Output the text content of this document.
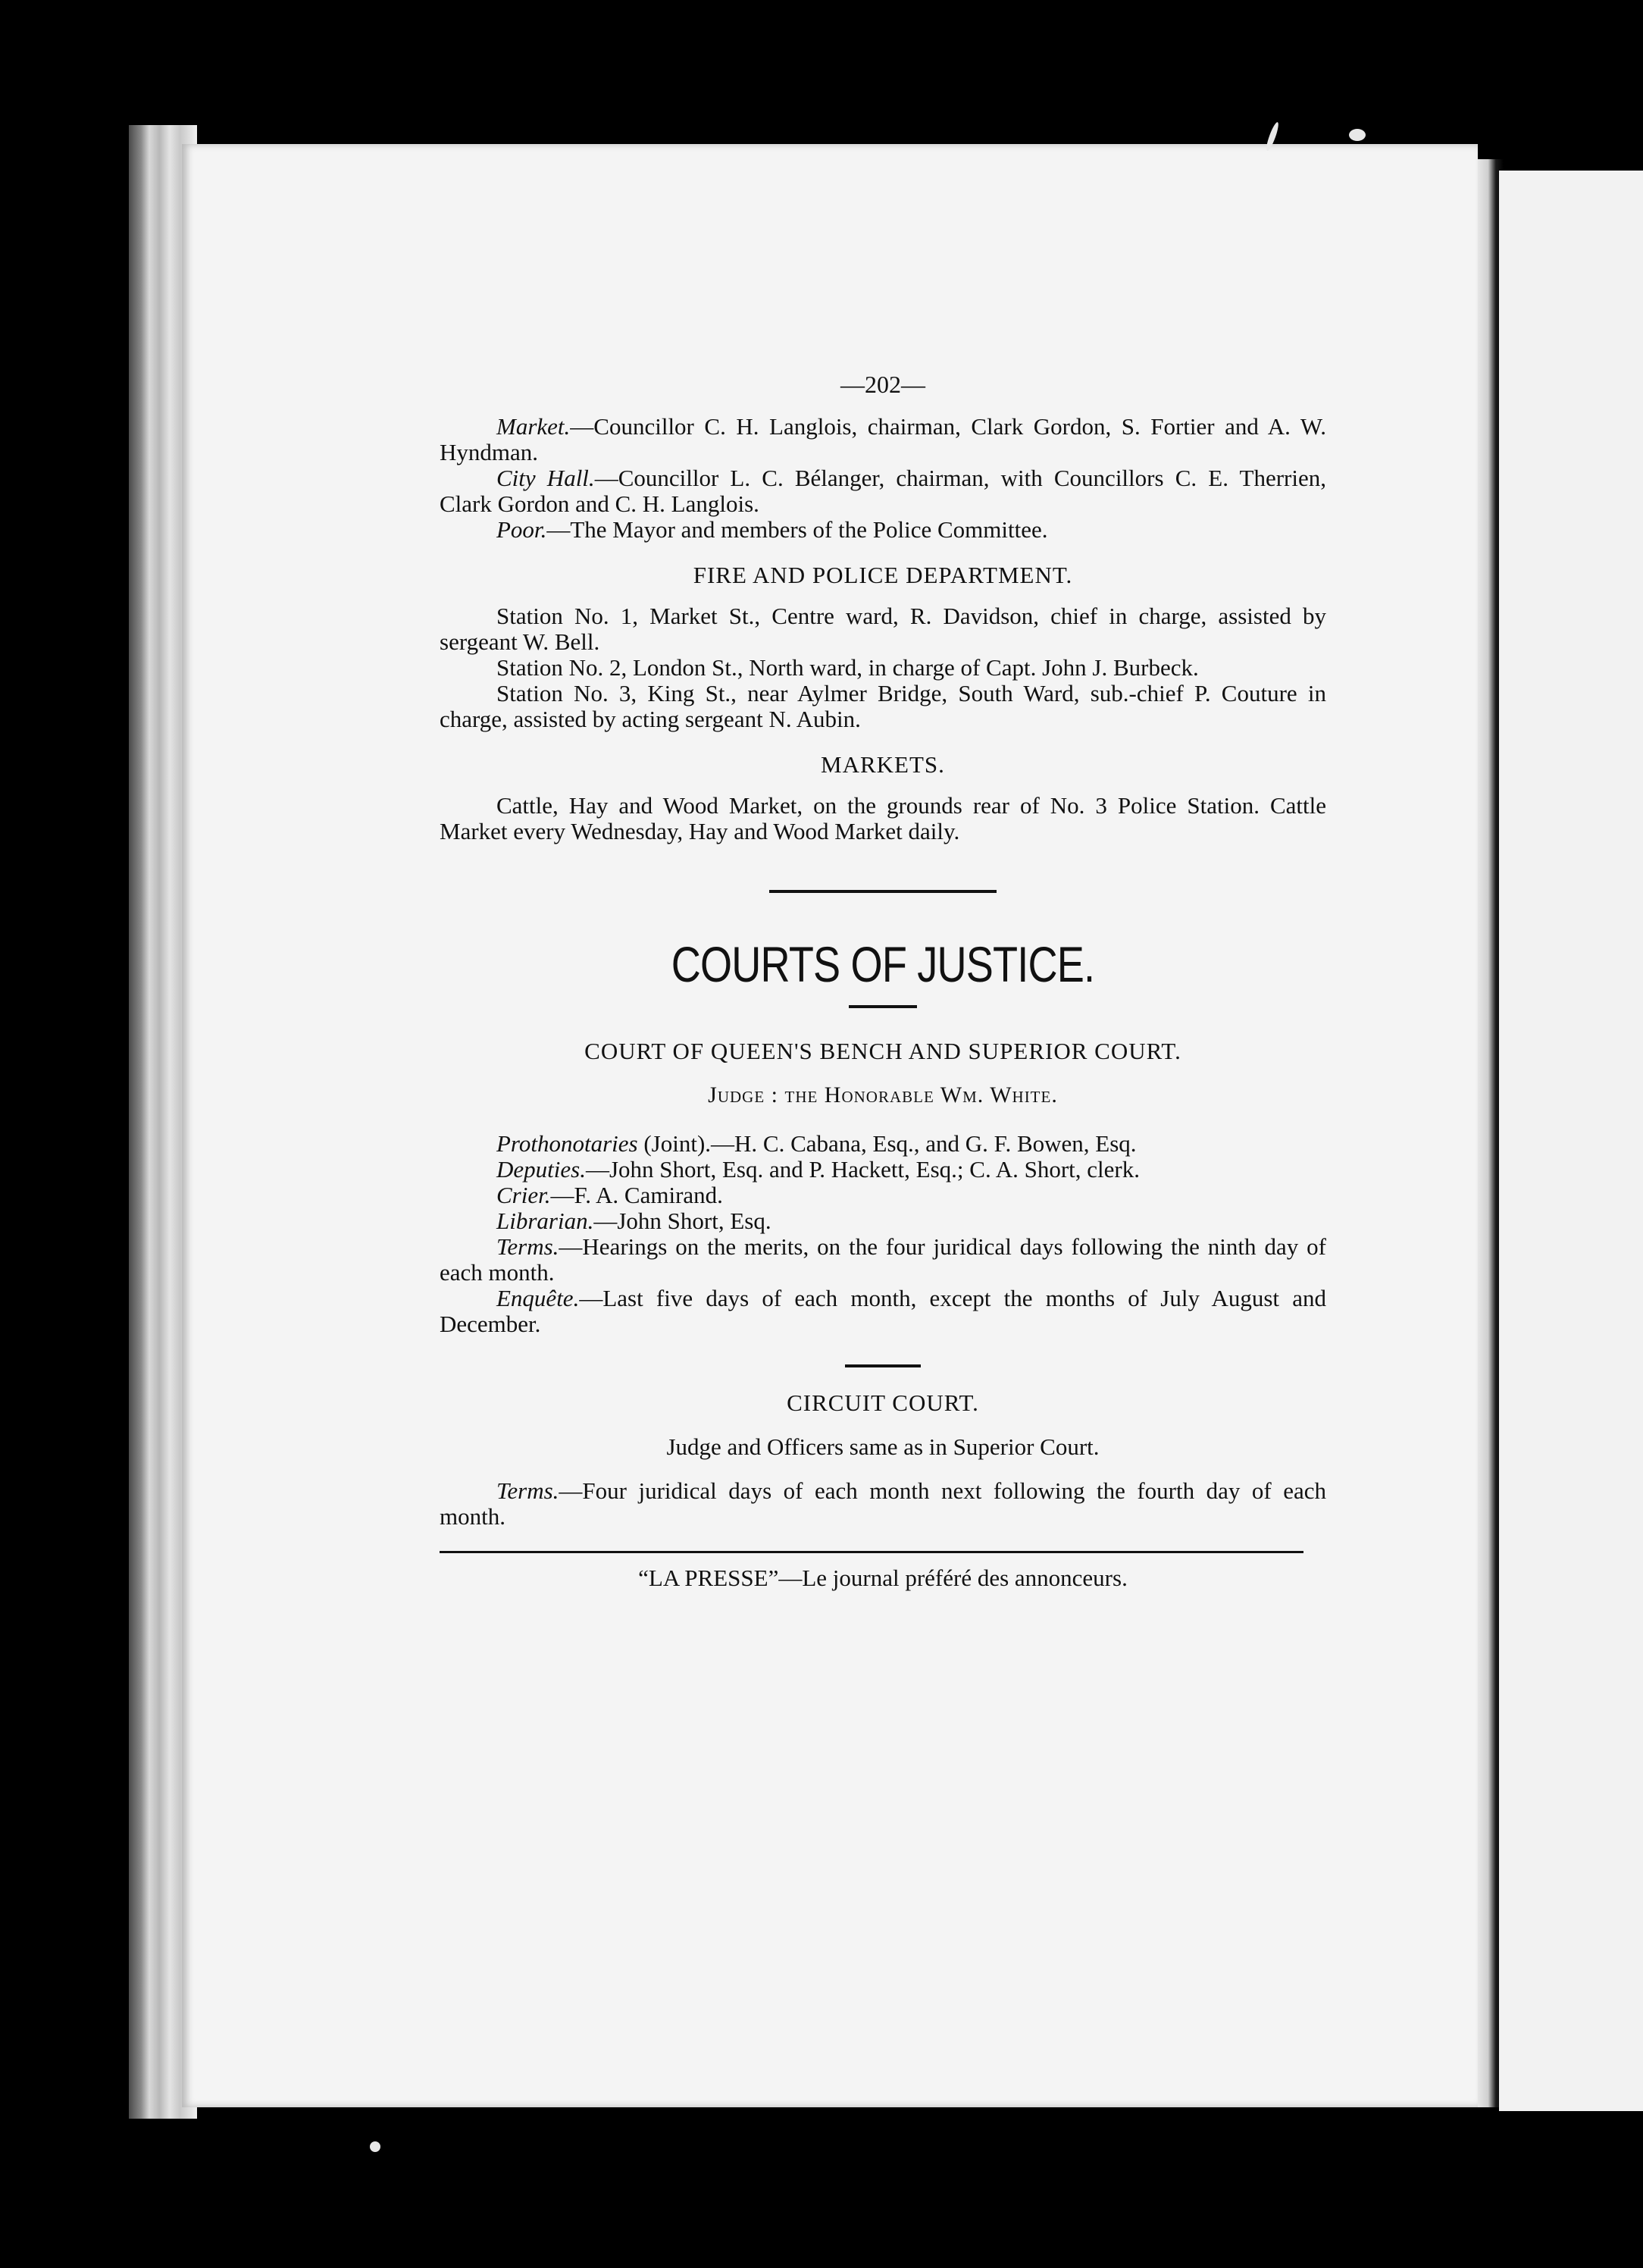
—202—

Market.—Councillor C. H. Langlois, chairman, Clark Gordon, S. Fortier and A. W. Hyndman.

City Hall.—Councillor L. C. Bélanger, chairman, with Councillors C. E. Therrien, Clark Gordon and C. H. Langlois.

Poor.—The Mayor and members of the Police Committee.

FIRE AND POLICE DEPARTMENT.

Station No. 1, Market St., Centre ward, R. Davidson, chief in charge, assisted by sergeant W. Bell.

Station No. 2, London St., North ward, in charge of Capt. John J. Burbeck.

Station No. 3, King St., near Aylmer Bridge, South Ward, sub.-chief P. Couture in charge, assisted by acting sergeant N. Aubin.

MARKETS.

Cattle, Hay and Wood Market, on the grounds rear of No. 3 Police Station. Cattle Market every Wednesday, Hay and Wood Market daily.

COURTS OF JUSTICE.
COURT OF QUEEN'S BENCH AND SUPERIOR COURT.
Judge : the Honorable Wm. White.

Prothonotaries (Joint).—H. C. Cabana, Esq., and G. F. Bowen, Esq.

Deputies.—John Short, Esq. and P. Hackett, Esq.; C. A. Short, clerk.

Crier.—F. A. Camirand.

Librarian.—John Short, Esq.

Terms.—Hearings on the merits, on the four juridical days following the ninth day of each month.

Enquête.—Last five days of each month, except the months of July August and December.

CIRCUIT COURT.
Judge and Officers same as in Superior Court.

Terms.—Four juridical days of each month next following the fourth day of each month.

“LA PRESSE”—Le journal préféré des annonceurs.
